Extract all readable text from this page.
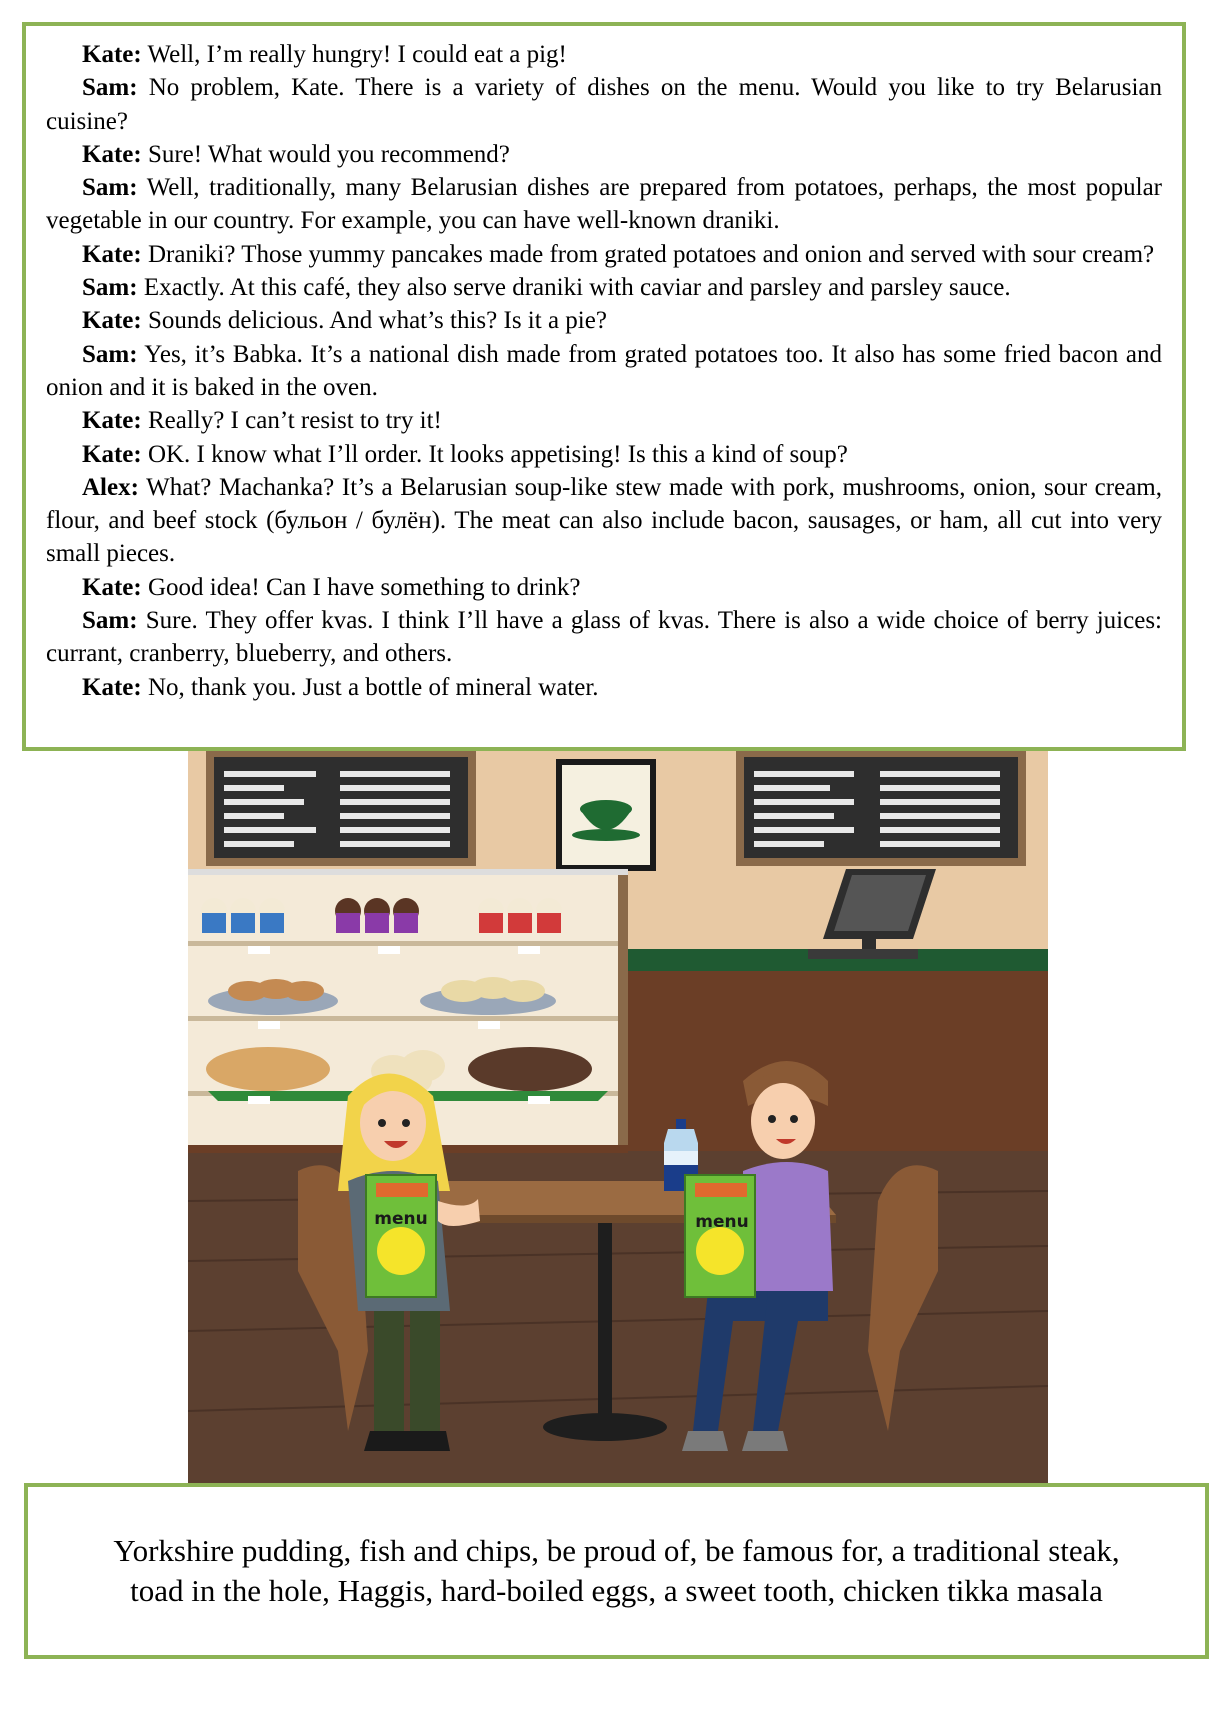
Kate: Well, I’m really hungry! I could eat a pig!

Sam: No problem, Kate. There is a variety of dishes on the menu. Would you like to try Belarusian cuisine?

Kate: Sure! What would you recommend?

Sam: Well, traditionally, many Belarusian dishes are prepared from potatoes, perhaps, the most popular vegetable in our country. For example, you can have well-known draniki.

Kate: Draniki? Those yummy pancakes made from grated potatoes and onion and served with sour cream?

Sam: Exactly. At this café, they also serve draniki with caviar and parsley and parsley sauce.

Kate: Sounds delicious. And what’s this? Is it a pie?

Sam: Yes, it’s Babka. It’s a national dish made from grated potatoes too. It also has some fried bacon and onion and it is baked in the oven.

Kate: Really? I can’t resist to try it!

Kate: OK. I know what I’ll order. It looks appetising! Is this a kind of soup?

Alex: What? Machanka? It’s a Belarusian soup-like stew made with pork, mushrooms, onion, sour cream, flour, and beef stock (бульон / булён). The meat can also include bacon, sausages, or ham, all cut into very small pieces.

Kate: Good idea! Can I have something to drink?

Sam: Sure. They offer kvas. I think I’ll have a glass of kvas. There is also a wide choice of berry juices: currant, cranberry, blueberry, and others.

Kate: No, thank you. Just a bottle of mineral water.

menu	menu

Yorkshire pudding, fish and chips, be proud of, be famous for, a traditional steak,
toad in the hole, Haggis, hard-boiled eggs, a sweet tooth, chicken tikka masala
